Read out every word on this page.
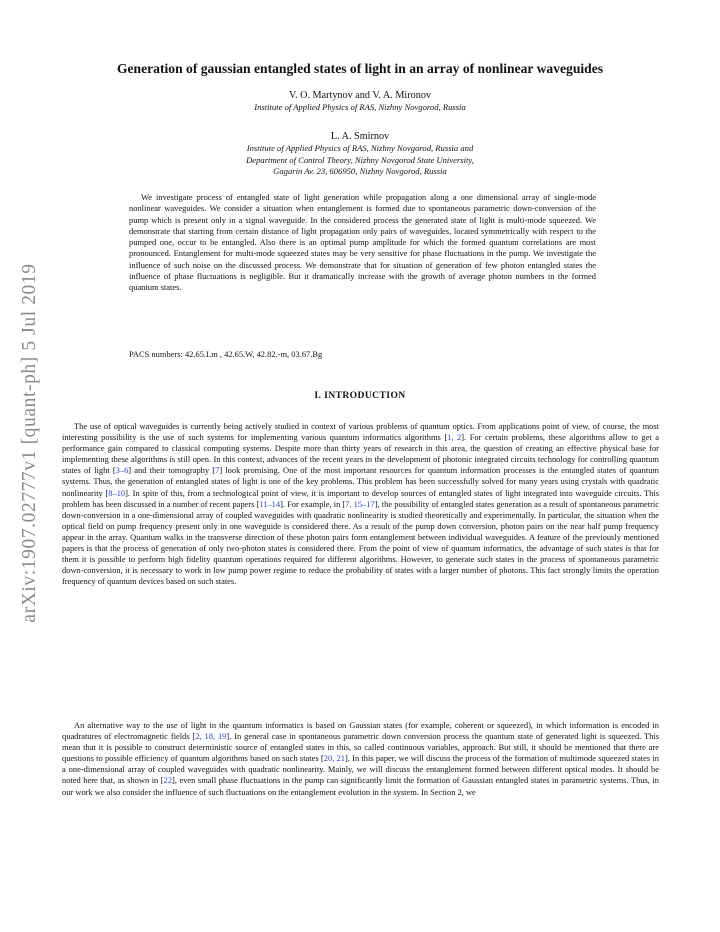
arXiv:1907.02777v1 [quant-ph] 5 Jul 2019
Generation of gaussian entangled states of light in an array of nonlinear waveguides
V. O. Martynov and V. A. Mironov
Institute of Applied Physics of RAS, Nizhny Novgorod, Russia
L. A. Smirnov
Institute of Applied Physics of RAS, Nizhny Novgorod, Russia and
Department of Control Theory, Nizhny Novgorod State University,
Gagarin Av. 23, 606950, Nizhny Novgorod, Russia

We investigate process of entangled state of light generation while propagation along a one dimensional array of single-mode nonlinear waveguides. We consider a situation when entanglement is formed due to spontaneous parametric down-conversion of the pump which is present only in a signal waveguide. In the considered process the generated state of light is multi-mode squeezed. We demonstrate that starting from certain distance of light propagation only pairs of waveguides, located symmetrically with respect to the pumped one, occur to be entangled. Also there is an optimal pump amplitude for which the formed quantum correlations are most pronounced. Entanglement for multi-mode squeezed states may be very sensitive for phase fluctuations in the pump. We investigate the influence of such noise on the discussed process. We demonstrate that for situation of generation of few photon entangled states the influence of phase fluctuations is negligible. But it dramatically increase with the growth of average photon numbers in the formed quantum states.

PACS numbers: 42.65.Lm , 42.65.W, 42.82.-m, 03.67.Bg

I. INTRODUCTION

The use of optical waveguides is currently being actively studied in context of various problems of quantum optics. From applications point of view, of course, the most interesting possibility is the use of such systems for implementing various quantum informatics algorithms [1, 2]. For certain problems, these algorithms allow to get a performance gain compared to classical computing systems. Despite more than thirty years of research in this area, the question of creating an effective physical base for implementing these algorithms is still open. In this context, advances of the recent years in the development of photonic integrated circuits technology for controlling quantum states of light [3–6] and their tomography [7] look promising. One of the most important resources for quantum information processes is the entangled states of quantum systems. Thus, the generation of entangled states of light is one of the key problems. This problem has been successfully solved for many years using crystals with quadratic nonlinearity [8–10]. In spite of this, from a technological point of view, it is important to develop sources of entangled states of light integrated into waveguide circuits. This problem has been discussed in a number of recent papers [11–14]. For example, in [7, 15–17], the possibility of entangled states generation as a result of spontaneous parametric down-conversion in a one-dimensional array of coupled waveguides with quadratic nonlinearity is studied theoretically and experimentally. In particular, the situation when the optical field on pump frequency present only in one waveguide is considered there. As a result of the pump down conversion, photon pairs on the near half pump frequency appear in the array. Quantum walks in the transverse direction of these photon pairs form entanglement between individual waveguides. A feature of the previously mentioned papers is that the process of generation of only two-photon states is considered there. From the point of view of quantum informatics, the advantage of such states is that for them it is possible to perform high fidelity quantum operations required for different algorithms. However, to generate such states in the process of spontaneous parametric down-conversion, it is necessary to work in low pump power regime to reduce the probability of states with a larger number of photons. This fact strongly limits the operation frequency of quantum devices based on such states.

An alternative way to the use of light in the quantum informatics is based on Gaussian states (for example, coherent or squeezed), in which information is encoded in quadratures of electromagnetic fields [2, 18, 19]. In general case in spontaneous parametric down conversion process the quantum state of generated light is squeezed. This mean that it is possible to construct deterministic source of entangled states in this, so called continuous variables, approach. But still, it should be mentioned that there are questions to possible efficiency of quantum algorithms based on such states [20, 21]. In this paper, we will discuss the process of the formation of multimode squeezed states in a one-dimensional array of coupled waveguides with quadratic nonlinearity. Mainly, we will discuss the entanglement formed between different optical modes. It should be noted here that, as shown in [22], even small phase fluctuations in the pump can significantly limit the formation of Gaussian entangled states in parametric systems. Thus, in our work we also consider the influence of such fluctuations on the entanglement evolution in the system. In Section 2, we
